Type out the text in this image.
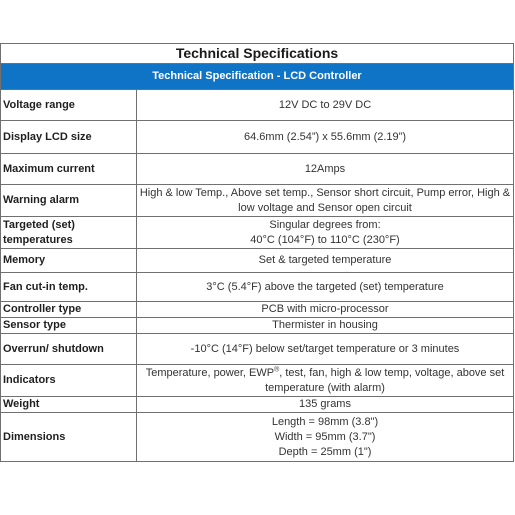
Technical Specifications	
Technical Specification - LCD Controller	
Voltage range	12V DC to 29V DC

Display LCD size	64.6mm (2.54”) x 55.6mm (2.19”)

Maximum current	12Amps

Warning alarm	High & low Temp., Above set temp., Sensor short circuit, Pump error, High & low voltage and Sensor open circuit

Targeted (set) temperatures	Singular degrees from:
40°C (104°F) to 110°C (230°F)

Memory	Set & targeted temperature

Fan cut-in temp.	3°C (5.4°F) above the targeted (set) temperature

Controller type	PCB with micro-processor

Sensor type	Thermister in housing

Overrun/ shutdown	-10°C (14°F) below set/target temperature or 3 minutes

Indicators	Temperature, power, EWP®, test, fan, high & low temp, voltage, above set temperature (with alarm)
Weight	135 grams

Dimensions	Length = 98mm (3.8")
Width = 95mm (3.7")
Depth = 25mm (1")
